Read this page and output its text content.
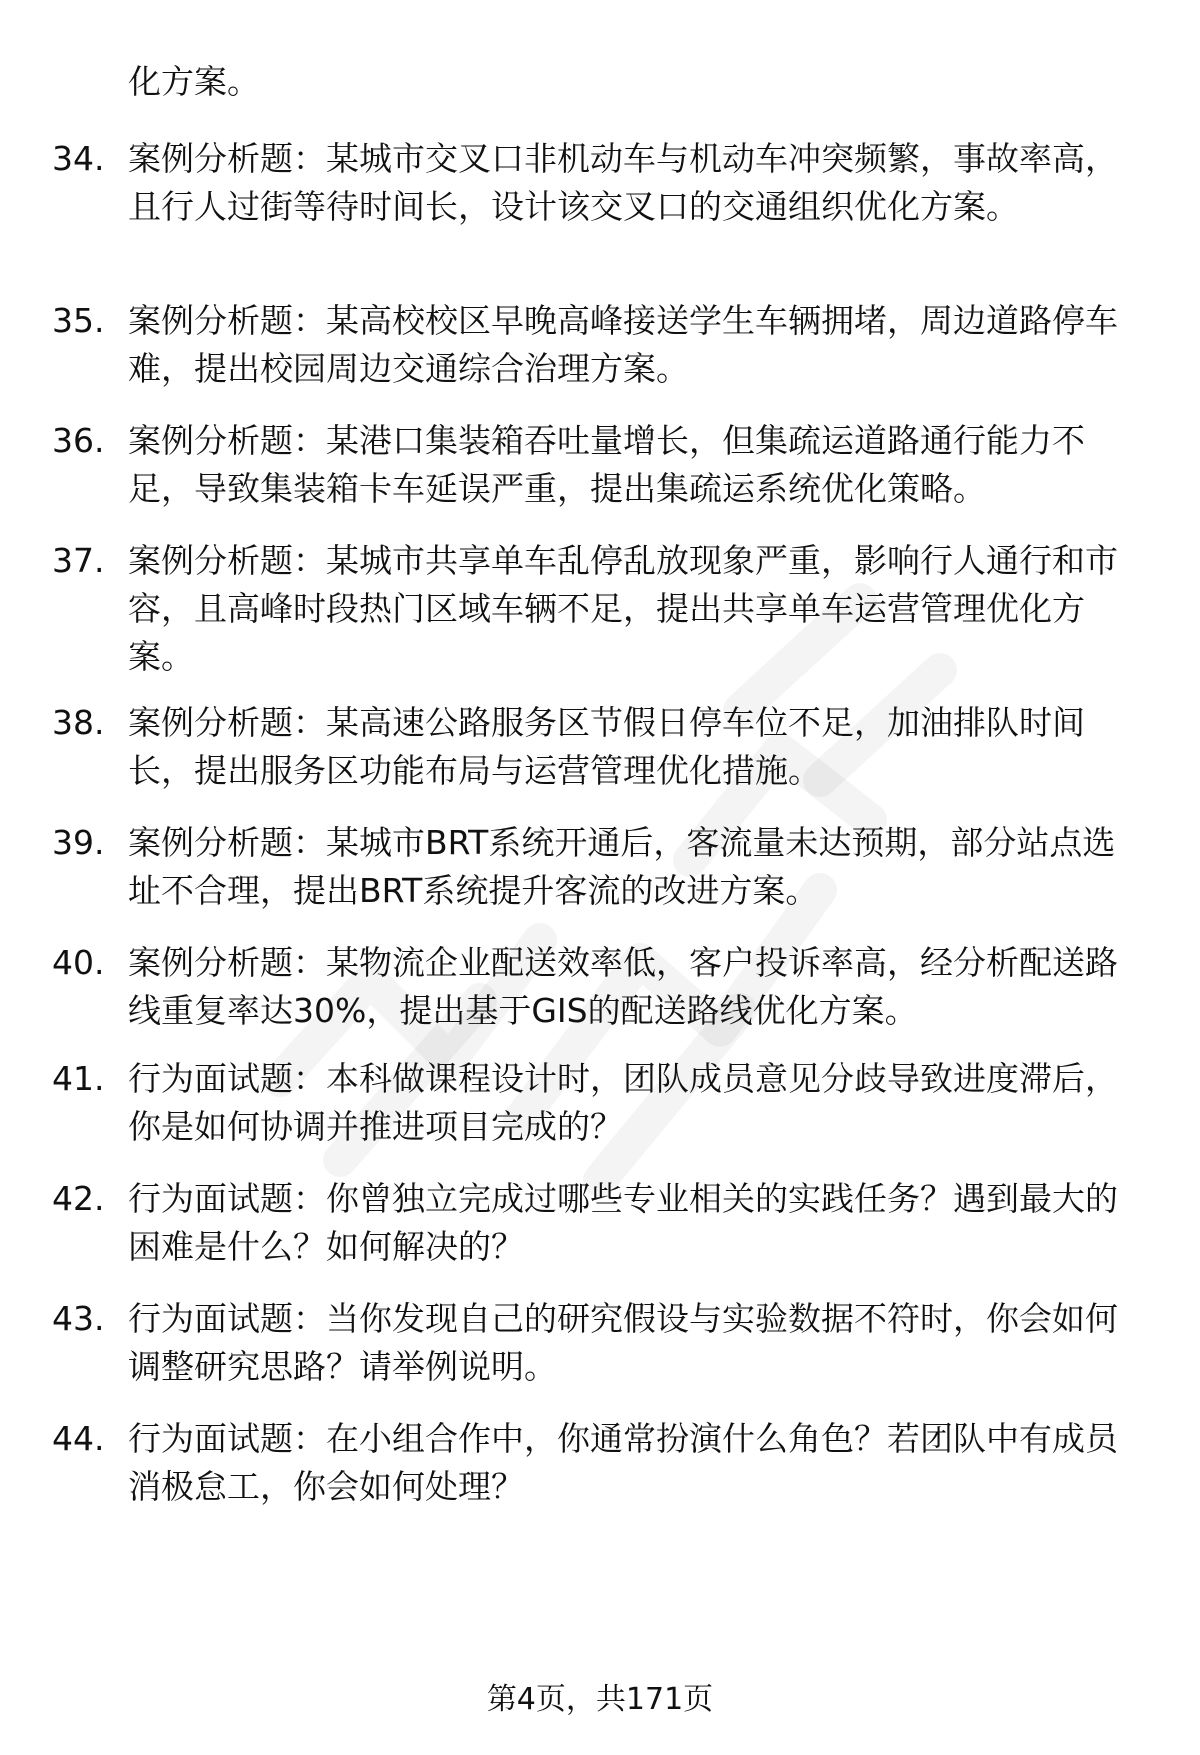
化方案。
34. 案例分析题：某城市交叉口非机动车与机动车冲突频繁，事故率高，且行人过街等待时间长，设计该交叉口的交通组织优化方案。
35. 案例分析题：某高校校区早晚高峰接送学生车辆拥堵，周边道路停车难，提出校园周边交通综合治理方案。
36. 案例分析题：某港口集装箱吞吐量增长，但集疏运道路通行能力不足，导致集装箱卡车延误严重，提出集疏运系统优化策略。
37. 案例分析题：某城市共享单车乱停乱放现象严重，影响行人通行和市容，且高峰时段热门区域车辆不足，提出共享单车运营管理优化方案。
38. 案例分析题：某高速公路服务区节假日停车位不足，加油排队时间长，提出服务区功能布局与运营管理优化措施。
39. 案例分析题：某城市BRT系统开通后，客流量未达预期，部分站点选址不合理，提出BRT系统提升客流的改进方案。
40. 案例分析题：某物流企业配送效率低，客户投诉率高，经分析配送路线重复率达30%，提出基于GIS的配送路线优化方案。
41. 行为面试题：本科做课程设计时，团队成员意见分歧导致进度滞后，你是如何协调并推进项目完成的？
42. 行为面试题：你曾独立完成过哪些专业相关的实践任务？遇到最大的困难是什么？如何解决的？
43. 行为面试题：当你发现自己的研究假设与实验数据不符时，你会如何调整研究思路？请举例说明。
44. 行为面试题：在小组合作中，你通常扮演什么角色？若团队中有成员消极怠工，你会如何处理？
第4页，共171页
